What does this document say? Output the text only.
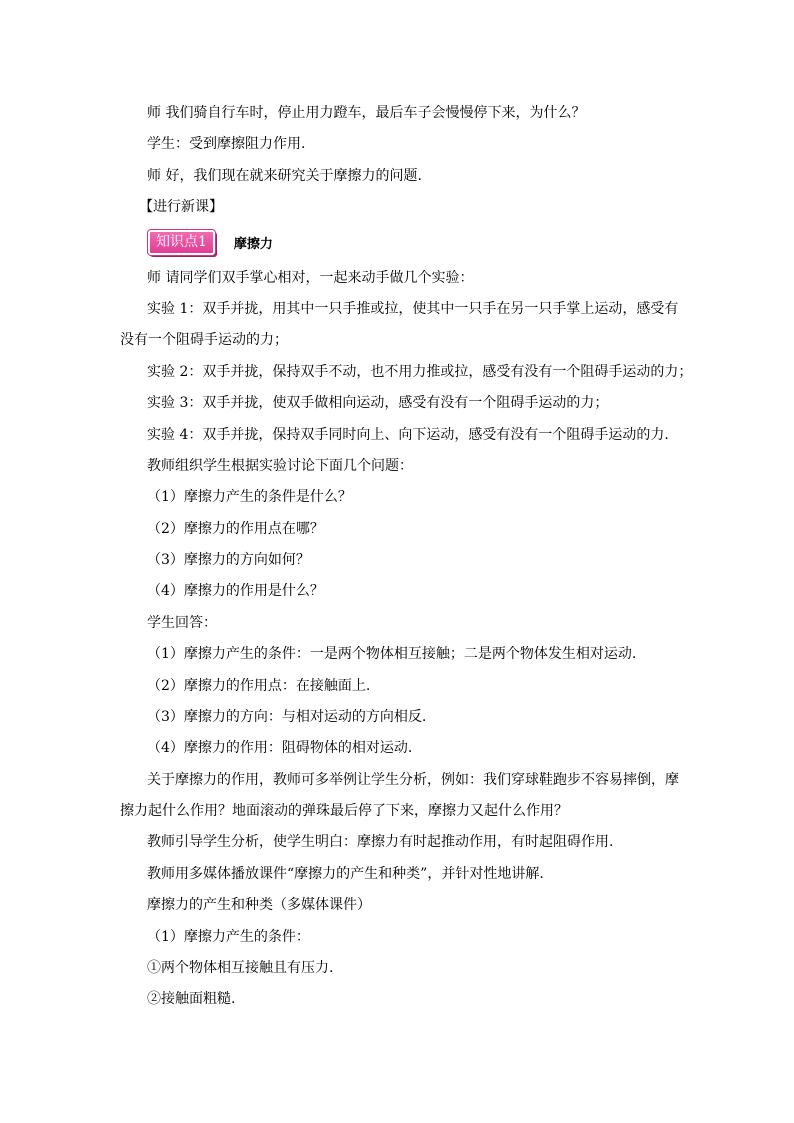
师 我们骑自行车时，停止用力蹬车，最后车子会慢慢停下来，为什么？
学生：受到摩擦阻力作用.
师 好，我们现在就来研究关于摩擦力的问题.
【进行新课】
知识点1	摩擦力
师 请同学们双手掌心相对，一起来动手做几个实验：
实验 1：双手并拢，用其中一只手推或拉，使其中一只手在另一只手掌上运动，感受有
没有一个阻碍手运动的力；
实验 2：双手并拢，保持双手不动，也不用力推或拉，感受有没有一个阻碍手运动的力；
实验 3：双手并拢，使双手做相向运动，感受有没有一个阻碍手运动的力；
实验 4：双手并拢，保持双手同时向上、向下运动，感受有没有一个阻碍手运动的力.
教师组织学生根据实验讨论下面几个问题：
（1）摩擦力产生的条件是什么？
（2）摩擦力的作用点在哪？
（3）摩擦力的方向如何？
（4）摩擦力的作用是什么？
学生回答：
（1）摩擦力产生的条件：一是两个物体相互接触；二是两个物体发生相对运动.
（2）摩擦力的作用点：在接触面上.
（3）摩擦力的方向：与相对运动的方向相反.
（4）摩擦力的作用：阻碍物体的相对运动.
关于摩擦力的作用，教师可多举例让学生分析，例如：我们穿球鞋跑步不容易摔倒，摩
擦力起什么作用？地面滚动的弹珠最后停了下来，摩擦力又起什么作用？
教师引导学生分析，使学生明白：摩擦力有时起推动作用，有时起阻碍作用.
教师用多媒体播放课件“摩擦力的产生和种类”，并针对性地讲解.
摩擦力的产生和种类（多媒体课件）
（1）摩擦力产生的条件：
①两个物体相互接触且有压力.
②接触面粗糙.
